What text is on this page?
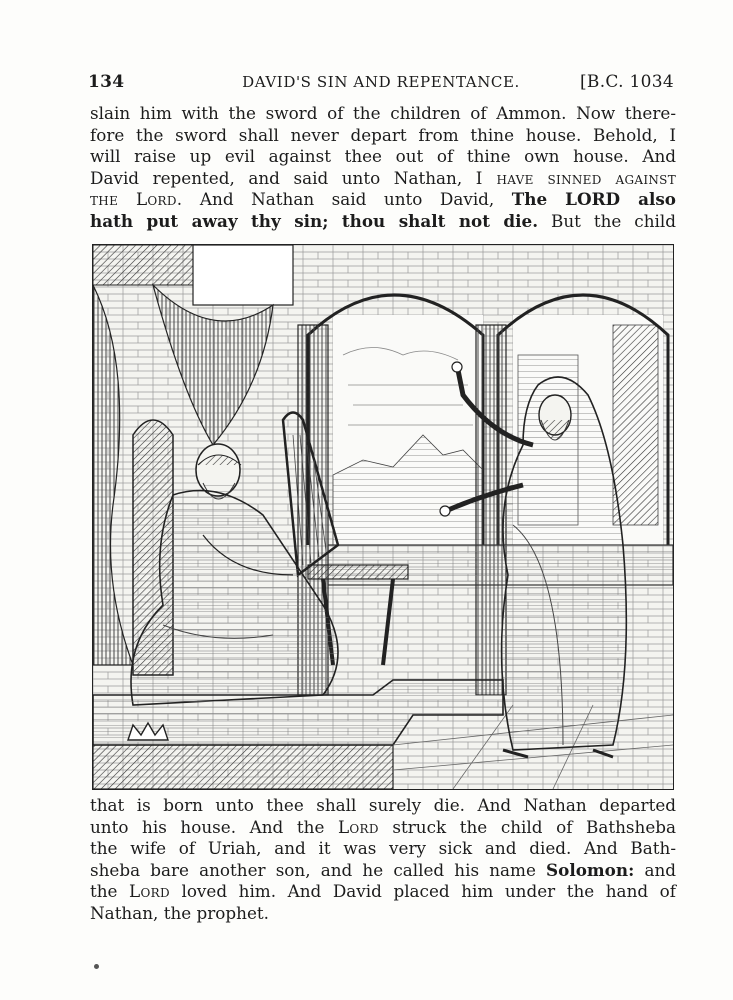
134	DAVID'S SIN AND REPENTANCE.	[B.C. 1034
slain him with the sword of the children of Ammon. Now there-
fore the sword shall never depart from thine house. Behold, I
will raise up evil against thee out of thine own house. And
David repented, and said unto Nathan, I have sinned against
the Lord. And Nathan said unto David, The LORD also
hath put away thy sin; thou shalt not die. But the child
that is born unto thee shall surely die. And Nathan departed
unto his house. And the Lord struck the child of Bathsheba
the wife of Uriah, and it was very sick and died. And Bath-
sheba bare another son, and he called his name Solomon: and
the Lord loved him. And David placed him under the hand of
Nathan, the prophet.
